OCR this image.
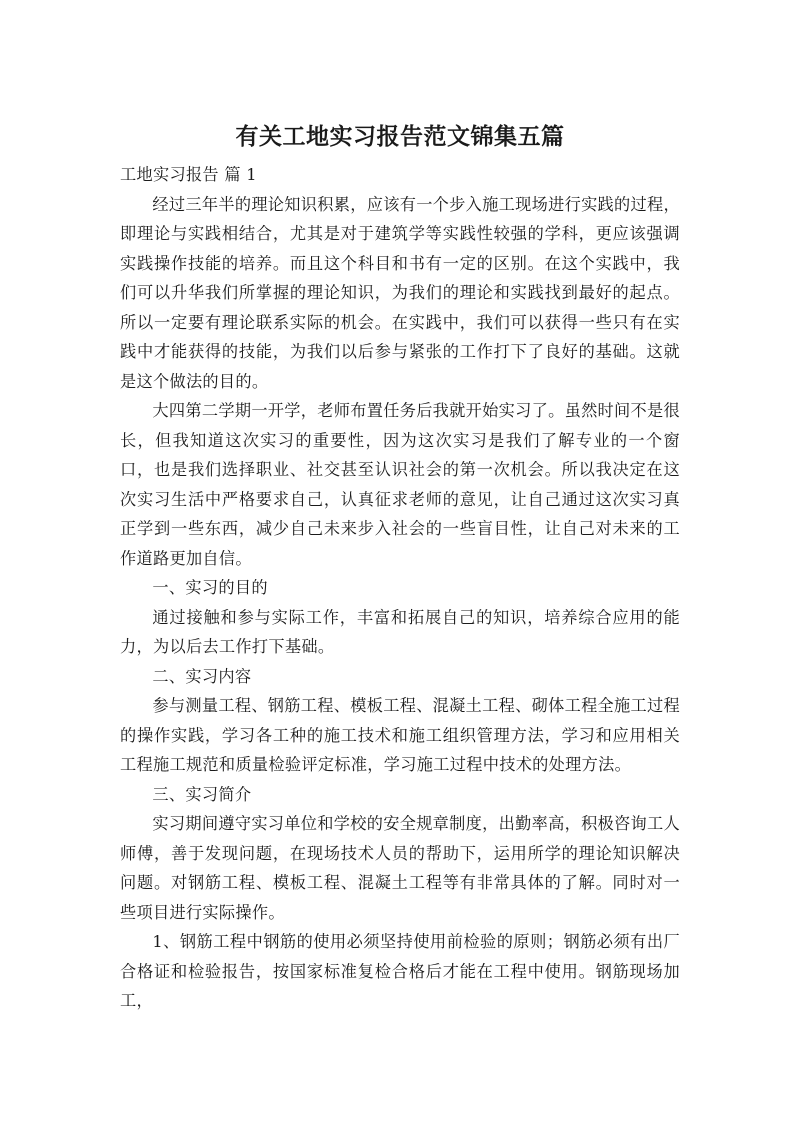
有关工地实习报告范文锦集五篇

工地实习报告 篇 1

经过三年半的理论知识积累，应该有一个步入施工现场进行实践的过程，即理论与实践相结合，尤其是对于建筑学等实践性较强的学科，更应该强调实践操作技能的培养。而且这个科目和书有一定的区别。在这个实践中，我们可以升华我们所掌握的理论知识，为我们的理论和实践找到最好的起点。所以一定要有理论联系实际的机会。在实践中，我们可以获得一些只有在实践中才能获得的技能，为我们以后参与紧张的工作打下了良好的基础。这就是这个做法的目的。

大四第二学期一开学，老师布置任务后我就开始实习了。虽然时间不是很长，但我知道这次实习的重要性，因为这次实习是我们了解专业的一个窗口，也是我们选择职业、社交甚至认识社会的第一次机会。所以我决定在这次实习生活中严格要求自己，认真征求老师的意见，让自己通过这次实习真正学到一些东西，减少自己未来步入社会的一些盲目性，让自己对未来的工作道路更加自信。

一、实习的目的

通过接触和参与实际工作，丰富和拓展自己的知识，培养综合应用的能力，为以后去工作打下基础。

二、实习内容

参与测量工程、钢筋工程、模板工程、混凝土工程、砌体工程全施工过程的操作实践，学习各工种的施工技术和施工组织管理方法，学习和应用相关工程施工规范和质量检验评定标准，学习施工过程中技术的处理方法。

三、实习简介

实习期间遵守实习单位和学校的安全规章制度，出勤率高，积极咨询工人师傅，善于发现问题，在现场技术人员的帮助下，运用所学的理论知识解决问题。对钢筋工程、模板工程、混凝土工程等有非常具体的了解。同时对一些项目进行实际操作。

1、钢筋工程中钢筋的使用必须坚持使用前检验的原则；钢筋必须有出厂合格证和检验报告，按国家标准复检合格后才能在工程中使用。钢筋现场加工，
